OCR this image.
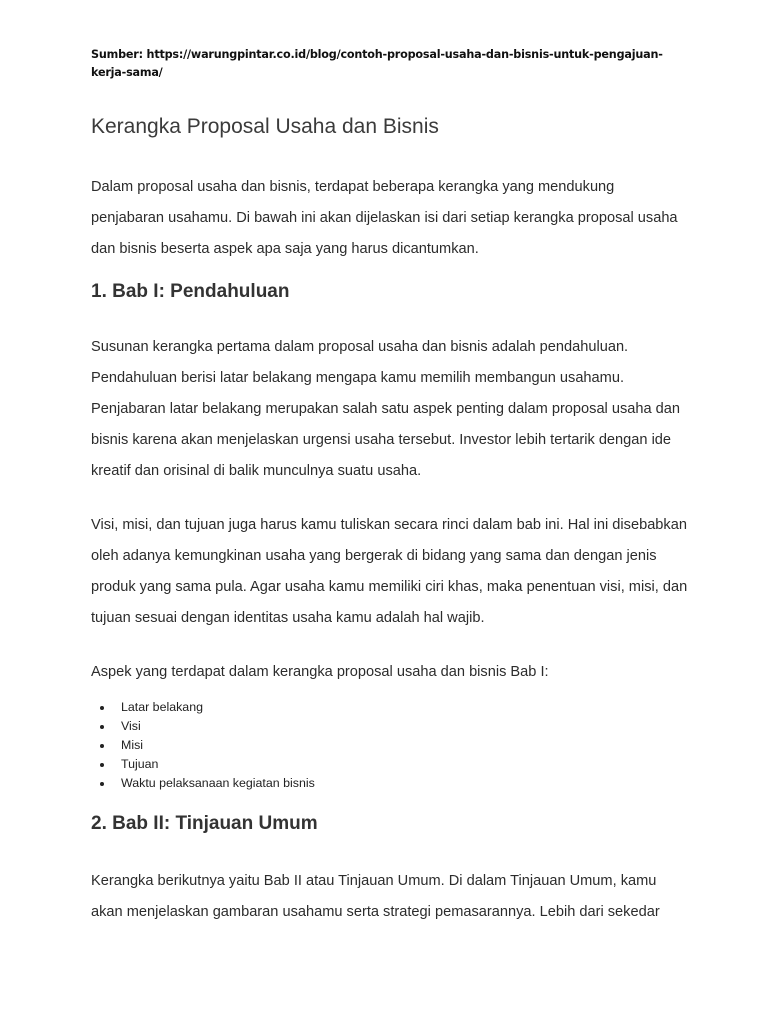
Sumber: https://warungpintar.co.id/blog/contoh-proposal-usaha-dan-bisnis-untuk-pengajuan-kerja-sama/
Kerangka Proposal Usaha dan Bisnis

Dalam proposal usaha dan bisnis, terdapat beberapa kerangka yang mendukung penjabaran usahamu. Di bawah ini akan dijelaskan isi dari setiap kerangka proposal usaha dan bisnis beserta aspek apa saja yang harus dicantumkan.

1. Bab I: Pendahuluan

Susunan kerangka pertama dalam proposal usaha dan bisnis adalah pendahuluan. Pendahuluan berisi latar belakang mengapa kamu memilih membangun usahamu. Penjabaran latar belakang merupakan salah satu aspek penting dalam proposal usaha dan bisnis karena akan menjelaskan urgensi usaha tersebut. Investor lebih tertarik dengan ide kreatif dan orisinal di balik munculnya suatu usaha.

Visi, misi, dan tujuan juga harus kamu tuliskan secara rinci dalam bab ini. Hal ini disebabkan oleh adanya kemungkinan usaha yang bergerak di bidang yang sama dan dengan jenis produk yang sama pula. Agar usaha kamu memiliki ciri khas, maka penentuan visi, misi, dan tujuan sesuai dengan identitas usaha kamu adalah hal wajib.

Aspek yang terdapat dalam kerangka proposal usaha dan bisnis Bab I:

Latar belakang
Visi
Misi
Tujuan
Waktu pelaksanaan kegiatan bisnis
2. Bab II: Tinjauan Umum

Kerangka berikutnya yaitu Bab II atau Tinjauan Umum. Di dalam Tinjauan Umum, kamu akan menjelaskan gambaran usahamu serta strategi pemasarannya. Lebih dari sekedar
